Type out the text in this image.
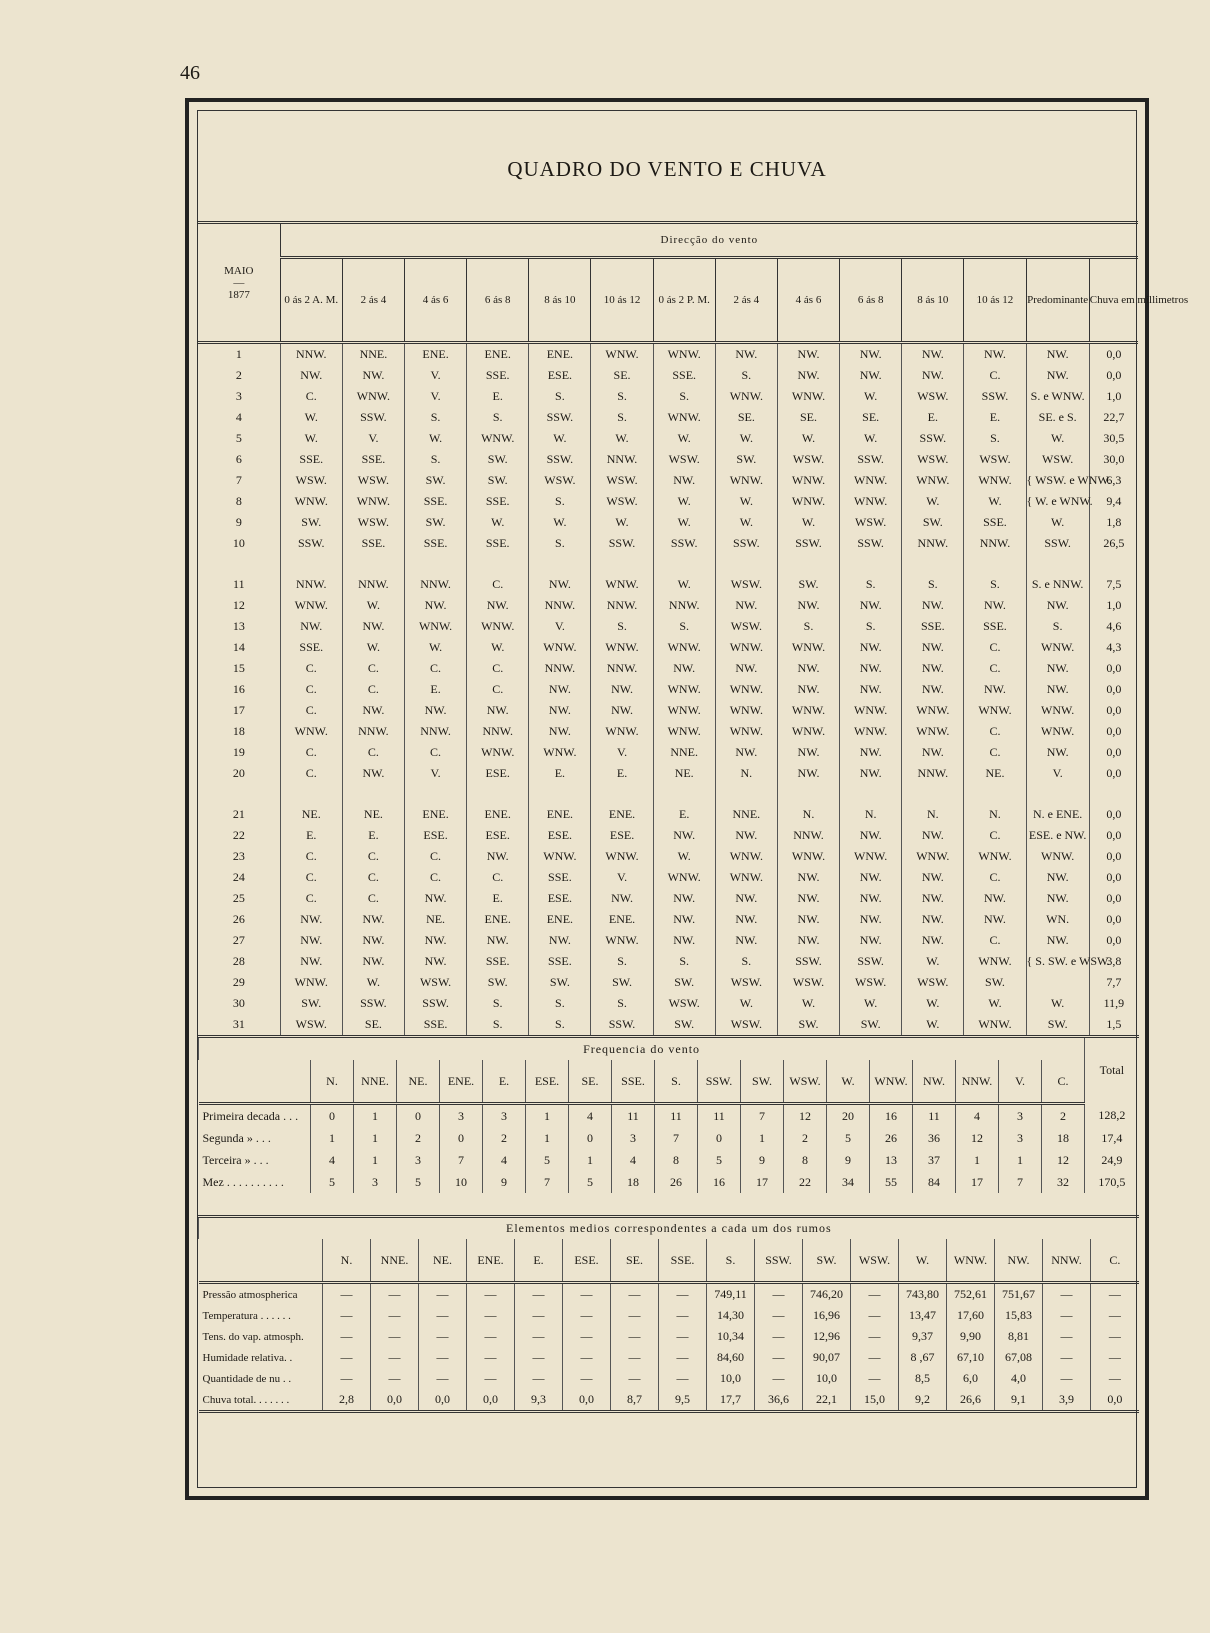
46
QUADRO DO VENTO E CHUVA
MAIO
—
1877	Direcção do vento													
	0 ás 2 A. M.	2 ás 4	4 ás 6	6 ás 8	8 ás 10	10 ás 12	0 ás 2 P. M.	2 ás 4	4 ás 6	6 ás 8	8 ás 10	10 ás 12	Predominante	Chuva em millimetros
1	NNW.	NNE.	ENE.	ENE.	ENE.	WNW.	WNW.	NW.	NW.	NW.	NW.	NW.	NW.	0,0
2	NW.	NW.	V.	SSE.	ESE.	SE.	SSE.	S.	NW.	NW.	NW.	C.	NW.	0,0
3	C.	WNW.	V.	E.	S.	S.	S.	WNW.	WNW.	W.	WSW.	SSW.	S. e WNW.	1,0
4	W.	SSW.	S.	S.	SSW.	S.	WNW.	SE.	SE.	SE.	E.	E.	SE. e S.	22,7
5	W.	V.	W.	WNW.	W.	W.	W.	W.	W.	W.	SSW.	S.	W.	30,5
6	SSE.	SSE.	S.	SW.	SSW.	NNW.	WSW.	SW.	WSW.	SSW.	WSW.	WSW.	WSW.	30,0
7	WSW.	WSW.	SW.	SW.	WSW.	WSW.	NW.	WNW.	WNW.	WNW.	WNW.	WNW.	{ WSW. e WNW.	6,3
8	WNW.	WNW.	SSE.	SSE.	S.	WSW.	W.	W.	WNW.	WNW.	W.	W.	{ W. e WNW.	9,4
9	SW.	WSW.	SW.	W.	W.	W.	W.	W.	W.	WSW.	SW.	SSE.	W.	1,8
10	SSW.	SSE.	SSE.	SSE.	S.	SSW.	SSW.	SSW.	SSW.	SSW.	NNW.	NNW.	SSW.	26,5

11	NNW.	NNW.	NNW.	C.	NW.	WNW.	W.	WSW.	SW.	S.	S.	S.	S. e NNW.	7,5
12	WNW.	W.	NW.	NW.	NNW.	NNW.	NNW.	NW.	NW.	NW.	NW.	NW.	NW.	1,0
13	NW.	NW.	WNW.	WNW.	V.	S.	S.	WSW.	S.	S.	SSE.	SSE.	S.	4,6
14	SSE.	W.	W.	W.	WNW.	WNW.	WNW.	WNW.	WNW.	NW.	NW.	C.	WNW.	4,3
15	C.	C.	C.	C.	NNW.	NNW.	NW.	NW.	NW.	NW.	NW.	C.	NW.	0,0
16	C.	C.	E.	C.	NW.	NW.	WNW.	WNW.	NW.	NW.	NW.	NW.	NW.	0,0
17	C.	NW.	NW.	NW.	NW.	NW.	WNW.	WNW.	WNW.	WNW.	WNW.	WNW.	WNW.	0,0
18	WNW.	NNW.	NNW.	NNW.	NW.	WNW.	WNW.	WNW.	WNW.	WNW.	WNW.	C.	WNW.	0,0
19	C.	C.	C.	WNW.	WNW.	V.	NNE.	NW.	NW.	NW.	NW.	C.	NW.	0,0
20	C.	NW.	V.	ESE.	E.	E.	NE.	N.	NW.	NW.	NNW.	NE.	V.	0,0

21	NE.	NE.	ENE.	ENE.	ENE.	ENE.	E.	NNE.	N.	N.	N.	N.	N. e ENE.	0,0
22	E.	E.	ESE.	ESE.	ESE.	ESE.	NW.	NW.	NNW.	NW.	NW.	C.	ESE. e NW.	0,0
23	C.	C.	C.	NW.	WNW.	WNW.	W.	WNW.	WNW.	WNW.	WNW.	WNW.	WNW.	0,0
24	C.	C.	C.	C.	SSE.	V.	WNW.	WNW.	NW.	NW.	NW.	C.	NW.	0,0
25	C.	C.	NW.	E.	ESE.	NW.	NW.	NW.	NW.	NW.	NW.	NW.	NW.	0,0
26	NW.	NW.	NE.	ENE.	ENE.	ENE.	NW.	NW.	NW.	NW.	NW.	NW.	WN.	0,0
27	NW.	NW.	NW.	NW.	NW.	WNW.	NW.	NW.	NW.	NW.	NW.	C.	NW.	0,0
28	NW.	NW.	NW.	SSE.	SSE.	S.	S.	S.	SSW.	SSW.	W.	WNW.	{ S. SW. e WSW.	3,8
29	WNW.	W.	WSW.	SW.	SW.	SW.	SW.	WSW.	WSW.	WSW.	WSW.	SW.		7,7
30	SW.	SSW.	SSW.	S.	S.	S.	WSW.	W.	W.	W.	W.	W.	W.	11,9
31	WSW.	SE.	SSE.	S.	S.	SSW.	SW.	WSW.	SW.	SW.	W.	WNW.	SW.	1,5
Frequencia do vento																			Total
	N.	NNE.	NE.	ENE.	E.	ESE.	SE.	SSE.	S.	SSW.	SW.	WSW.	W.	WNW.	NW.	NNW.	V.	C.	
Primeira decada . . .	0	1	0	3	3	1	4	11	11	11	7	12	20	16	11	4	3	2	128,2
Segunda » . . .	1	1	2	0	2	1	0	3	7	0	1	2	5	26	36	12	3	18	17,4
Terceira » . . .	4	1	3	7	4	5	1	4	8	5	9	8	9	13	37	1	1	12	24,9
Mez . . . . . . . . . .	5	3	5	10	9	7	5	18	26	16	17	22	34	55	84	17	7	32	170,5
Elementos medios correspondentes a cada um dos rumos																	
	N.	NNE.	NE.	ENE.	E.	ESE.	SE.	SSE.	S.	SSW.	SW.	WSW.	W.	WNW.	NW.	NNW.	C.
Pressão atmospherica	—	—	—	—	—	—	—	—	749,11	—	746,20	—	743,80	752,61	751,67	—	—
Temperatura . . . . . .	—	—	—	—	—	—	—	—	14,30	—	16,96	—	13,47	17,60	15,83	—	—
Tens. do vap. atmosph.	—	—	—	—	—	—	—	—	10,34	—	12,96	—	9,37	9,90	8,81	—	—
Humidade relativa. .	—	—	—	—	—	—	—	—	84,60	—	90,07	—	8 ,67	67,10	67,08	—	—
Quantidade de nu . .	—	—	—	—	—	—	—	—	10,0	—	10,0	—	8,5	6,0	4,0	—	—
Chuva total. . . . . . .	2,8	0,0	0,0	0,0	9,3	0,0	8,7	9,5	17,7	36,6	22,1	15,0	9,2	26,6	9,1	3,9	0,0
